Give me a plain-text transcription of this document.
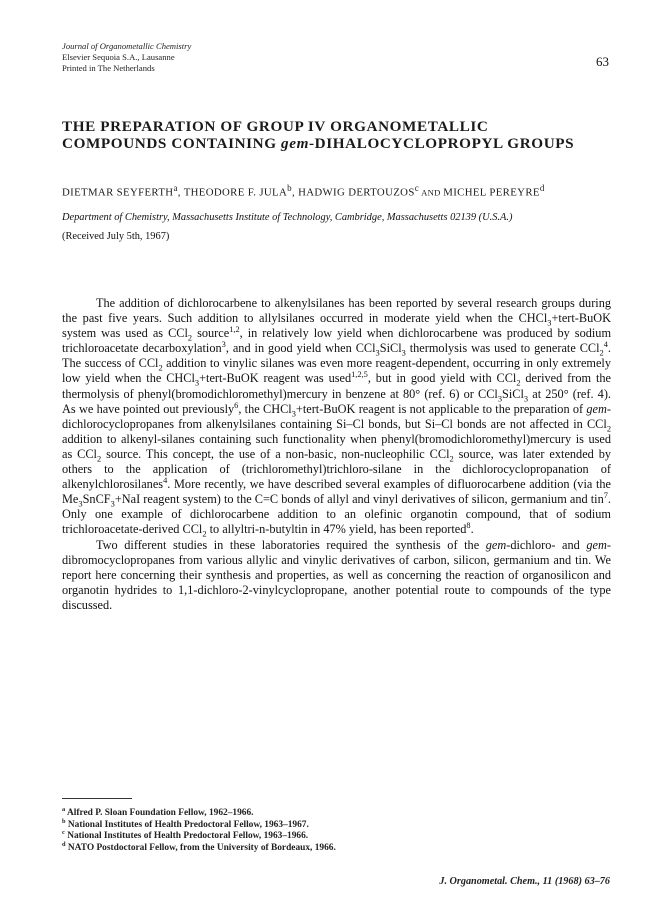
Journal of Organometallic Chemistry
Elsevier Sequoia S.A., Lausanne
Printed in The Netherlands	63
THE PREPARATION OF GROUP IV ORGANOMETALLIC
COMPOUNDS CONTAINING gem-DIHALOCYCLOPROPYL GROUPS
DIETMAR SEYFERTH$^a$, THEODORE F. JULA$^b$, HADWIG DERTOUZOS$^c$ AND MICHEL PEREYRE$^d$
Department of Chemistry, Massachusetts Institute of Technology, Cambridge, Massachusetts 02139 (U.S.A.)
(Received July 5th, 1967)

The addition of dichlorocarbene to alkenylsilanes has been reported by several research groups during the past five years. Such addition to allylsilanes occurred in moderate yield when the CHCl$_3$+tert-BuOK system was used as CCl$_2$ source$^{1,2}$, in relatively low yield when dichlorocarbene was produced by sodium trichloroacetate decarboxylation$^3$, and in good yield when CCl$_3$SiCl$_3$ thermolysis was used to generate CCl$_2^4$. The success of CCl$_2$ addition to vinylic silanes was even more reagent-dependent, occurring in only extremely low yield when the CHCl$_3$+tert-BuOK reagent was used$^{1,2,5}$, but in good yield with CCl$_2$ derived from the thermolysis of phenyl(bromodichloromethyl)mercury in benzene at 80° (ref. 6) or CCl$_3$SiCl$_3$ at 250° (ref. 4). As we have pointed out previously$^6$, the CHCl$_3$+tert-BuOK reagent is not applicable to the preparation of gem-dichlorocyclopropanes from alkenylsilanes containing Si–Cl bonds, but Si–Cl bonds are not affected in CCl$_2$ addition to alkenyl-silanes containing such functionality when phenyl(bromodichloromethyl)mercury is used as CCl$_2$ source. This concept, the use of a non-basic, non-nucleophilic CCl$_2$ source, was later extended by others to the application of (trichloromethyl)trichloro-silane in the dichlorocyclopropanation of alkenylchlorosilanes$^4$. More recently, we have described several examples of difluorocarbene addition (via the $Me_3SnCF_3+NaI$ reagent system) to the C=C bonds of allyl and vinyl derivatives of silicon, germanium and tin$^7$. Only one example of dichlorocarbene addition to an olefinic organotin compound, that of sodium trichloroacetate-derived CCl$_2$ to allyltri-n-butyltin in 47% yield, has been reported$^8$.

Two different studies in these laboratories required the synthesis of the gem-dichloro- and gem-dibromocyclopropanes from various allylic and vinylic derivatives of carbon, silicon, germanium and tin. We report here concerning their synthesis and properties, as well as concerning the reaction of organosilicon and organotin hydrides to 1,1-dichloro-2-vinylcyclopropane, another potential route to compounds of the type discussed.

$^a$ Alfred P. Sloan Foundation Fellow, 1962–1966.
$^b$ National Institutes of Health Predoctoral Fellow, 1963–1967.
$^c$ National Institutes of Health Predoctoral Fellow, 1963–1966.
$^d$ NATO Postdoctoral Fellow, from the University of Bordeaux, 1966.
J. Organometal. Chem., 11 (1968) 63–76
